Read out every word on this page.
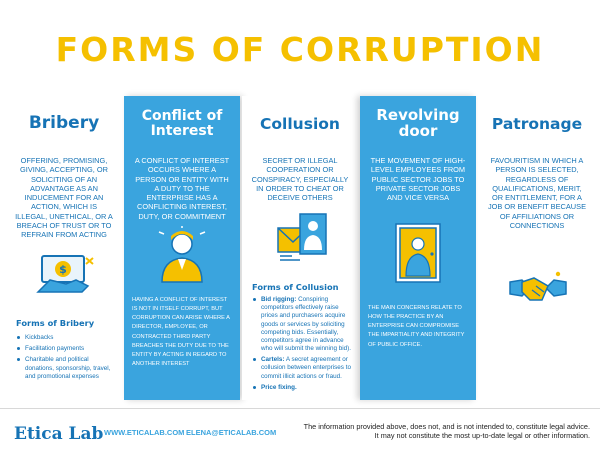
FORMS OF CORRUPTION
Bribery
OFFERING, PROMISING, GIVING, ACCEPTING, OR SOLICITING OF AN ADVANTAGE AS AN INDUCEMENT FOR AN ACTION, WHICH IS ILLEGAL, UNETHICAL, OR A BREACH OF TRUST OR TO REFRAIN FROM ACTING
$
Forms of Bribery
Kickbacks
Facilitation payments
Charitable and political donations, sponsorship, travel, and promotional expenses
Conflict of Interest
A CONFLICT OF INTEREST OCCURS WHERE A PERSON OR ENTITY WITH A DUTY TO THE ENTERPRISE HAS A CONFLICTING INTEREST, DUTY, OR COMMITMENT
HAVING A CONFLICT OF INTEREST IS NOT IN ITSELF CORRUPT, BUT CORRUPTION CAN ARISE WHERE A DIRECTOR, EMPLOYEE, OR CONTRACTED THIRD PARTY BREACHES THE DUTY DUE TO THE ENTITY BY ACTING IN REGARD TO ANOTHER INTEREST
Collusion
SECRET OR ILLEGAL COOPERATION OR CONSPIRACY, ESPECIALLY IN ORDER TO CHEAT OR DECEIVE OTHERS
Forms of Collusion
Bid rigging: Conspiring competitors effectively raise prices and purchasers acquire goods or services by soliciting competing bids. Essentially, competitors agree in advance who will submit the winning bid).
Cartels: A secret agreement or collusion between enterprises to commit illicit actions or fraud.
Price fixing.
Revolving door
THE MOVEMENT OF HIGH-LEVEL EMPLOYEES FROM PUBLIC SECTOR JOBS TO PRIVATE SECTOR JOBS AND VICE VERSA
THE MAIN CONCERNS RELATE TO HOW THE PRACTICE BY AN ENTERPRISE CAN COMPROMISE THE IMPARTIALITY AND INTEGRITY OF PUBLIC OFFICE.
Patronage
FAVOURITISM IN WHICH A PERSON IS SELECTED, REGARDLESS OF QUALIFICATIONS, MERIT, OR ENTITLEMENT, FOR A JOB OR BENEFIT BECAUSE OF AFFILIATIONS OR CONNECTIONS
Etica Lab WWW.ETICALAB.COM ELENA@ETICALAB.COM
The information provided above, does not, and is not intended to, constitute legal advice. It may not constitute the most up-to-date legal or other information.
